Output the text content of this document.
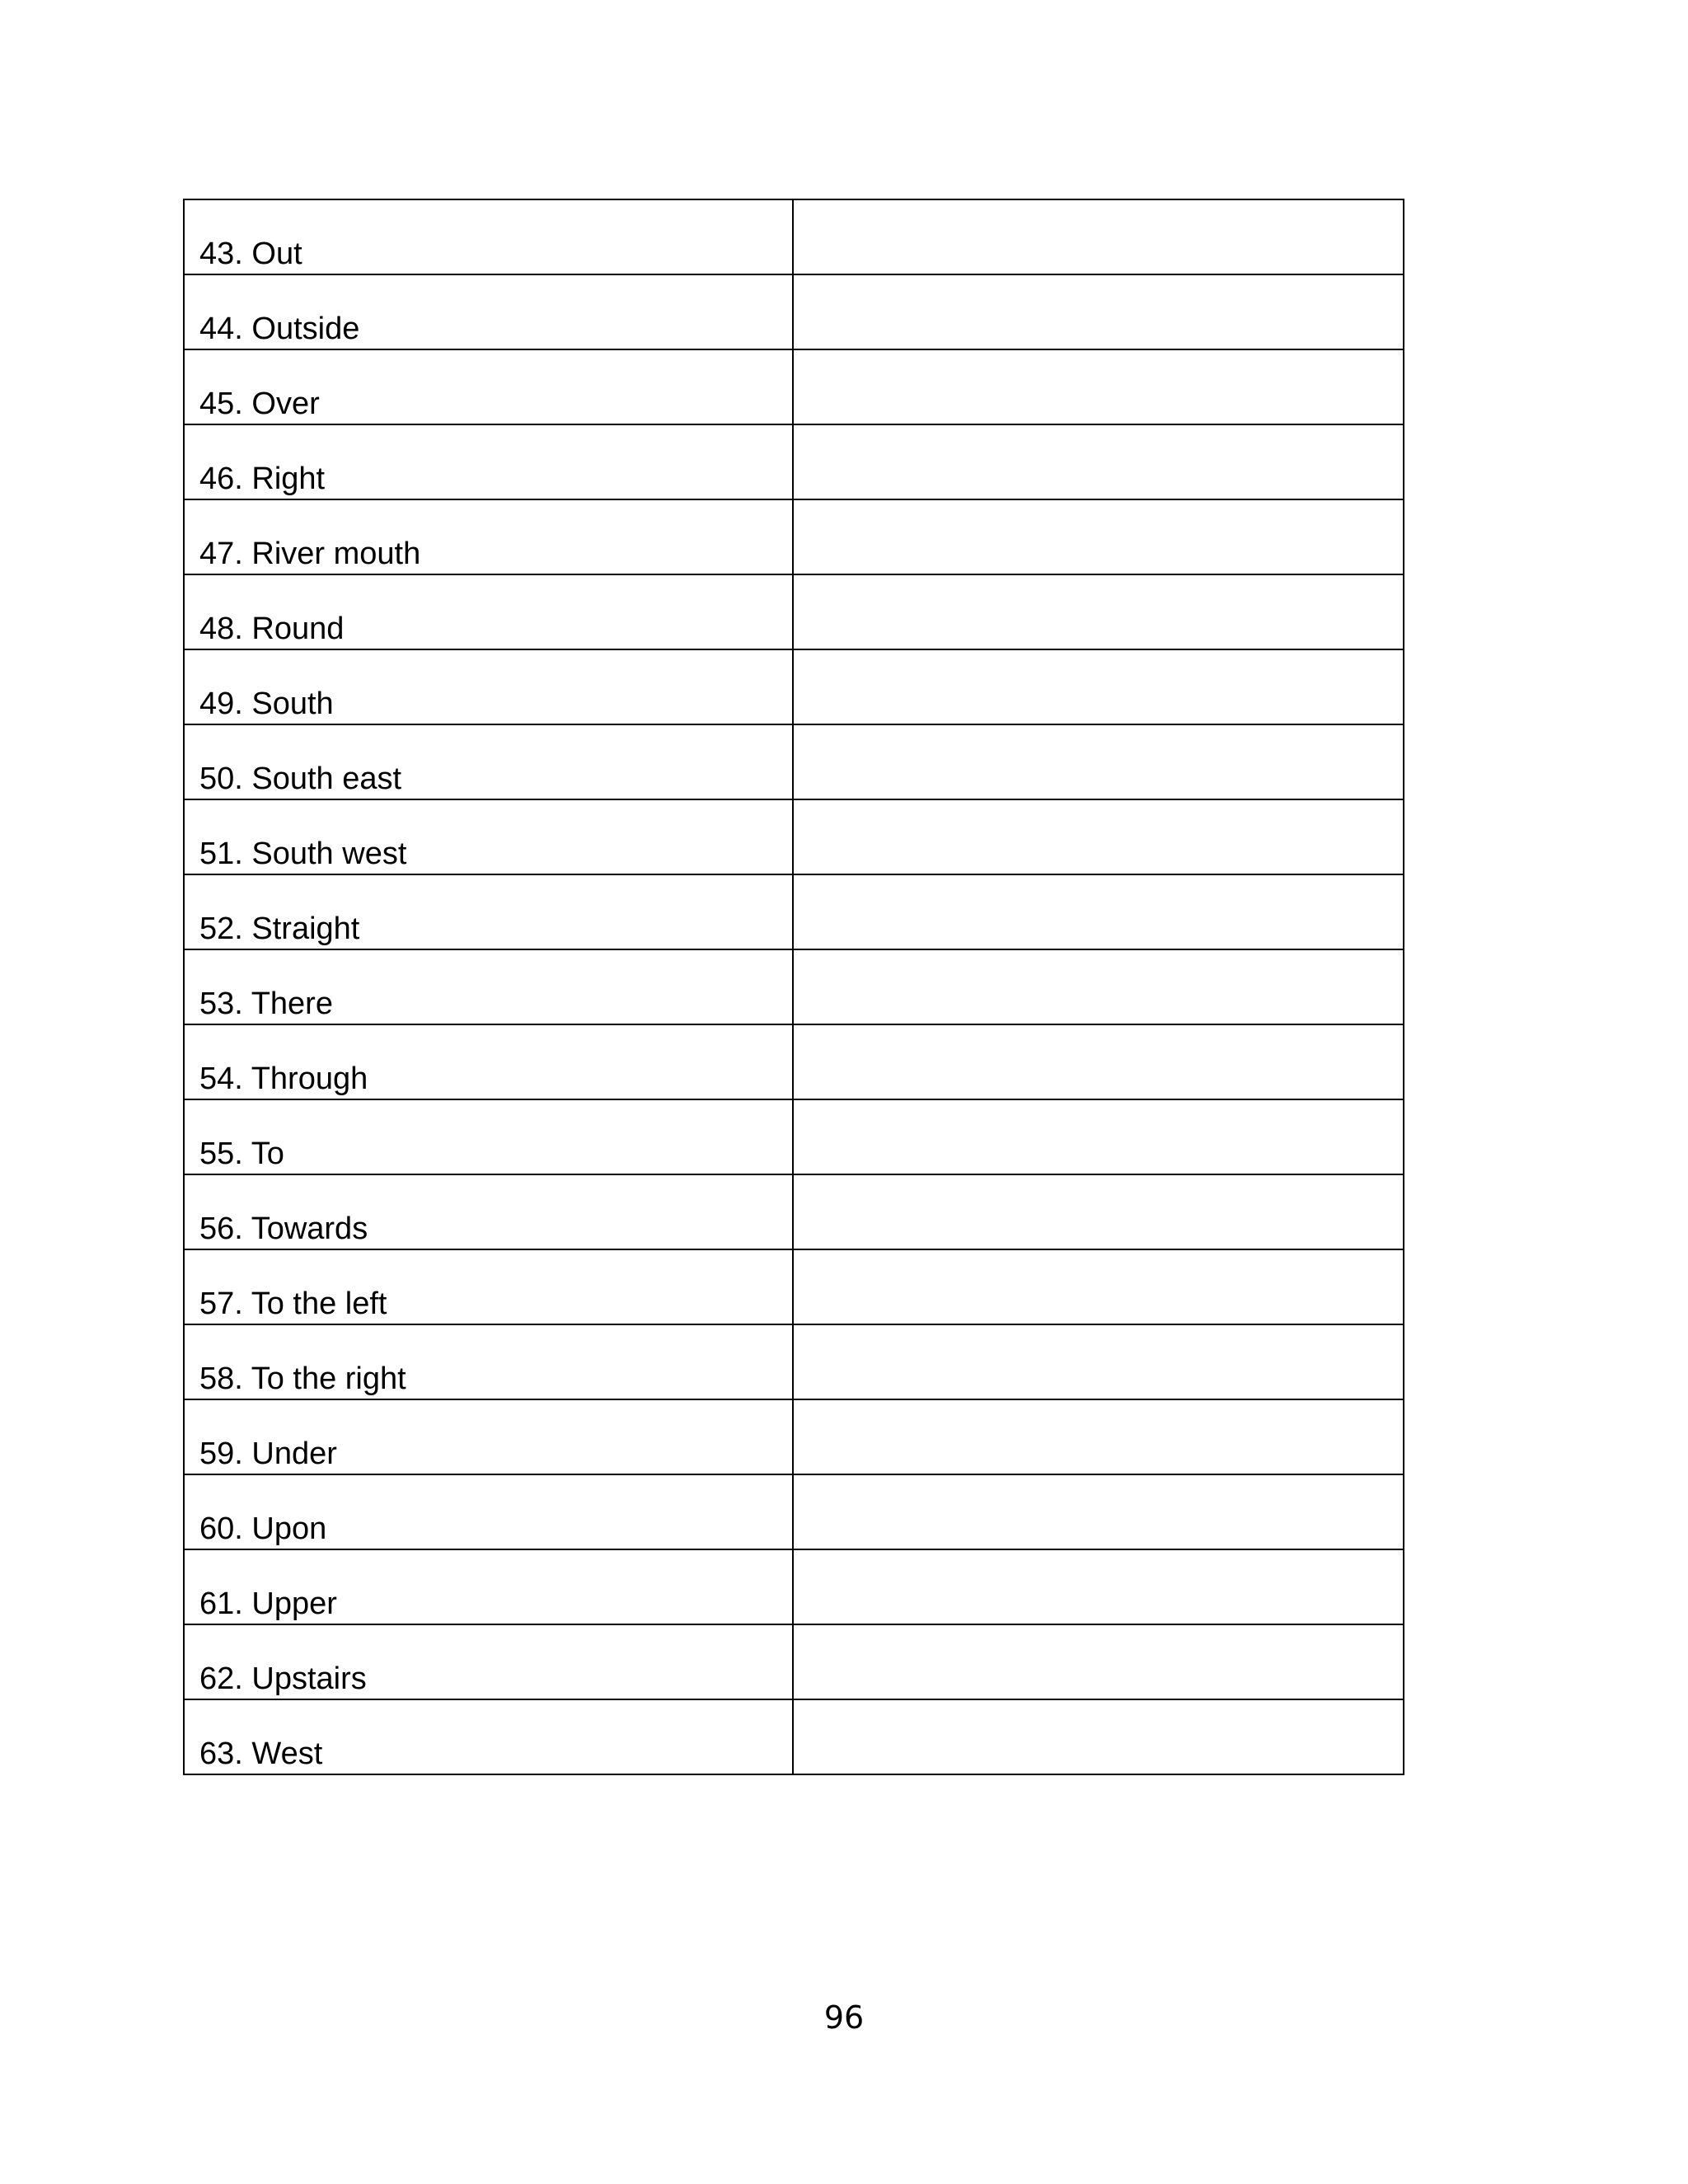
43. Out	
44. Outside	
45. Over	
46. Right	
47. River mouth	
48. Round	
49. South	
50. South east	
51. South west	
52. Straight	
53. There	
54. Through	
55. To	
56. Towards	
57. To the left	
58. To the right	
59. Under	
60. Upon	
61. Upper	
62. Upstairs	
63. West	
96
